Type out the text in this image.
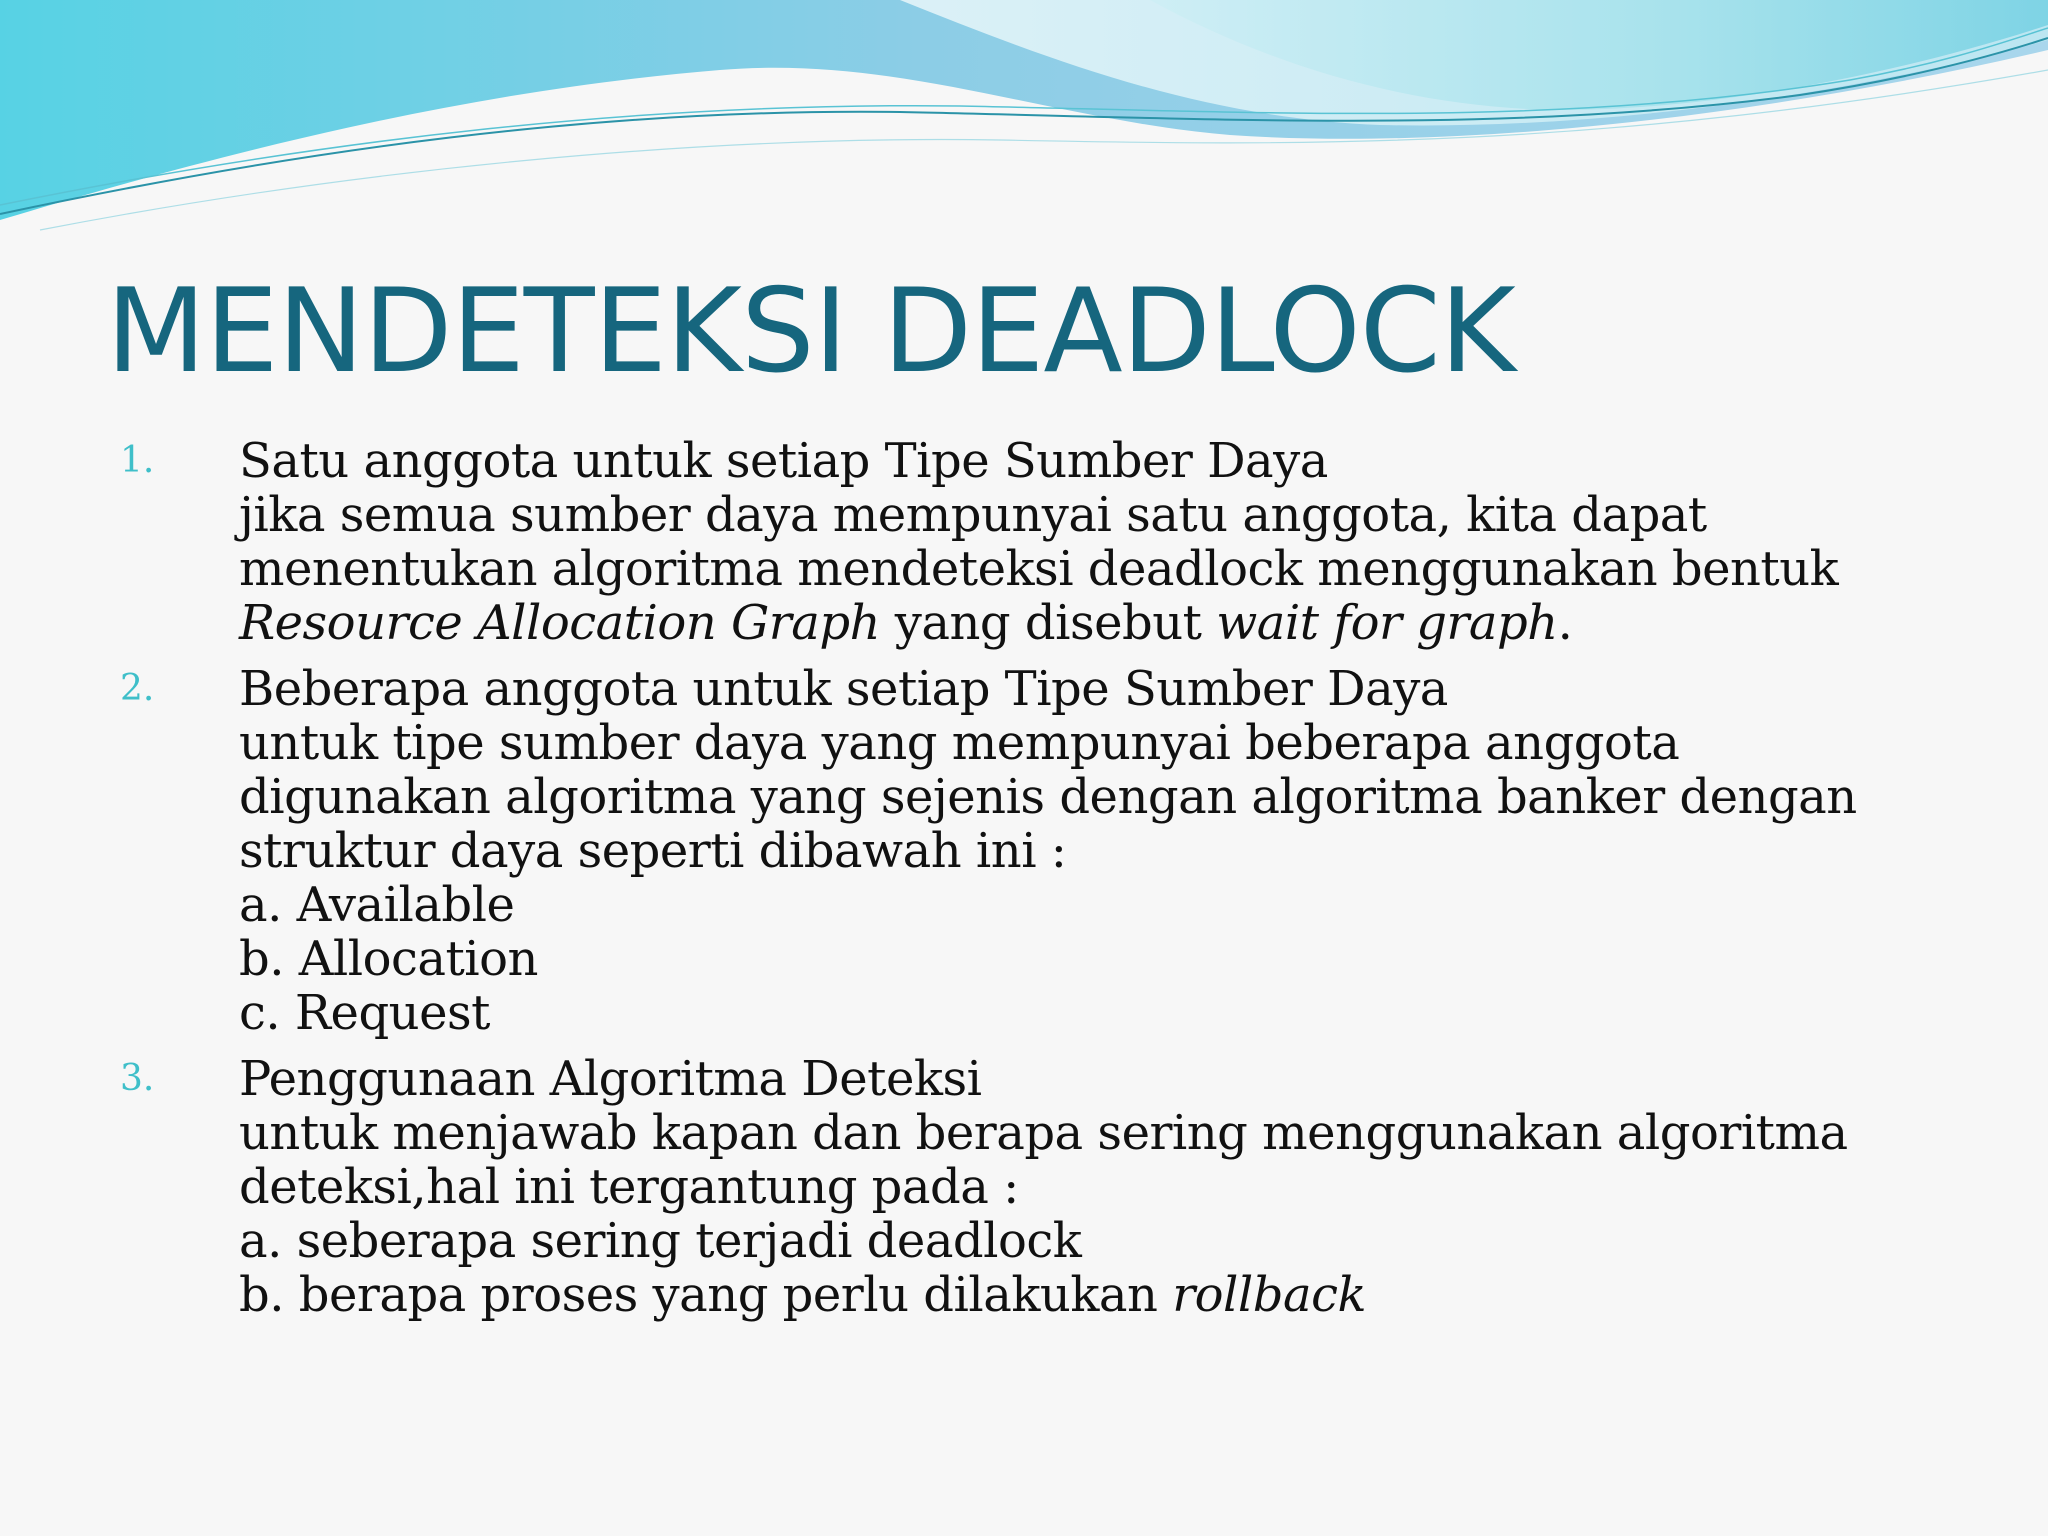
MENDETEKSI DEADLOCK
1. Satu anggota untuk setiap Tipe Sumber Daya
jika semua sumber daya mempunyai satu anggota, kita dapat
menentukan algoritma mendeteksi deadlock menggunakan bentuk
Resource Allocation Graph yang disebut wait for graph.
2. Beberapa anggota untuk setiap Tipe Sumber Daya
untuk tipe sumber daya yang mempunyai beberapa anggota
digunakan algoritma yang sejenis dengan algoritma banker dengan
struktur daya seperti dibawah ini :
a. Available
b. Allocation
c. Request
3. Penggunaan Algoritma Deteksi
untuk menjawab kapan dan berapa sering menggunakan algoritma
deteksi,hal ini tergantung pada :
a. seberapa sering terjadi deadlock
b. berapa proses yang perlu dilakukan rollback
